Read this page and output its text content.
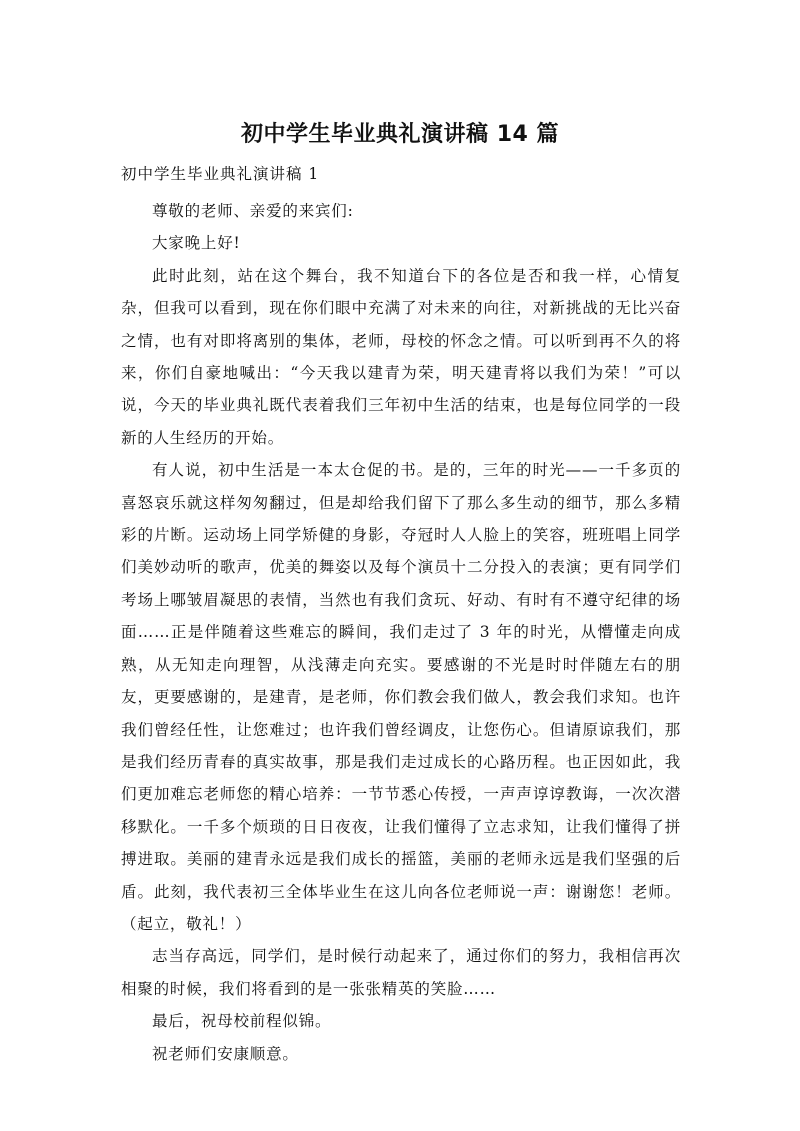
初中学生毕业典礼演讲稿 14 篇
初中学生毕业典礼演讲稿 1

尊敬的老师、亲爱的来宾们:

大家晚上好!

此时此刻，站在这个舞台，我不知道台下的各位是否和我一样，心情复杂，但我可以看到，现在你们眼中充满了对未来的向往，对新挑战的无比兴奋之情，也有对即将离别的集体，老师，母校的怀念之情。可以听到再不久的将来，你们自豪地喊出：“今天我以建青为荣，明天建青将以我们为荣！”可以说，今天的毕业典礼既代表着我们三年初中生活的结束，也是每位同学的一段新的人生经历的开始。

有人说，初中生活是一本太仓促的书。是的，三年的时光——一千多页的喜怒哀乐就这样匆匆翻过，但是却给我们留下了那么多生动的细节，那么多精彩的片断。运动场上同学矫健的身影，夺冠时人人脸上的笑容，班班唱上同学们美妙动听的歌声，优美的舞姿以及每个演员十二分投入的表演；更有同学们考场上哪皱眉凝思的表情，当然也有我们贪玩、好动、有时有不遵守纪律的场面……正是伴随着这些难忘的瞬间，我们走过了 3 年的时光，从懵懂走向成熟，从无知走向理智，从浅薄走向充实。要感谢的不光是时时伴随左右的朋友，更要感谢的，是建青，是老师，你们教会我们做人，教会我们求知。也许我们曾经任性，让您难过；也许我们曾经调皮，让您伤心。但请原谅我们，那是我们经历青春的真实故事，那是我们走过成长的心路历程。也正因如此，我们更加难忘老师您的精心培养：一节节悉心传授，一声声谆谆教诲，一次次潜移默化。一千多个烦琐的日日夜夜，让我们懂得了立志求知，让我们懂得了拼搏进取。美丽的建青永远是我们成长的摇篮，美丽的老师永远是我们坚强的后盾。此刻，我代表初三全体毕业生在这儿向各位老师说一声：谢谢您！老师。（起立，敬礼！）

志当存高远，同学们，是时候行动起来了，通过你们的努力，我相信再次相聚的时候，我们将看到的是一张张精英的笑脸……

最后，祝母校前程似锦。

祝老师们安康顺意。
